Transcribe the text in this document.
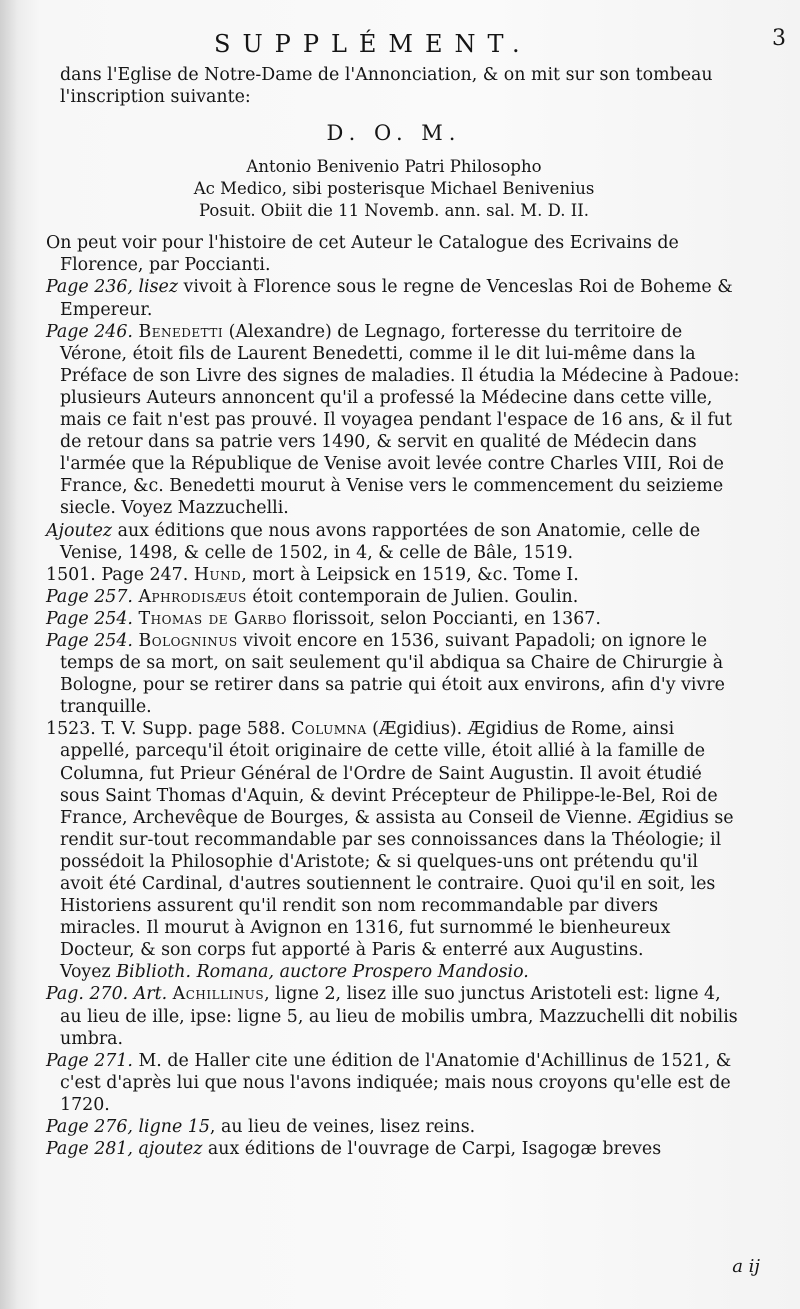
SUPPLÉMENT.	3

dans l'Eglise de Notre-Dame de l'Annonciation, & on mit sur son tombeau l'inscription suivante:

D. O. M.
Antonio Benivenio Patri Philosopho
Ac Medico, sibi posterisque Michael Benivenius
Posuit. Obiit die 11 Novemb. ann. sal. M. D. II.

On peut voir pour l'histoire de cet Auteur le Catalogue des Ecrivains de Florence, par Poccianti.

Page 236, lisez vivoit à Florence sous le regne de Venceslas Roi de Boheme & Empereur.

Page 246. Benedetti (Alexandre) de Legnago, forteresse du territoire de Vérone, étoit fils de Laurent Benedetti, comme il le dit lui-même dans la Préface de son Livre des signes de maladies. Il étudia la Médecine à Padoue: plusieurs Auteurs annoncent qu'il a professé la Médecine dans cette ville, mais ce fait n'est pas prouvé. Il voyagea pendant l'espace de 16 ans, & il fut de retour dans sa patrie vers 1490, & servit en qualité de Médecin dans l'armée que la République de Venise avoit levée contre Charles VIII, Roi de France, &c. Benedetti mourut à Venise vers le commencement du seizieme siecle. Voyez Mazzuchelli.

Ajoutez aux éditions que nous avons rapportées de son Anatomie, celle de Venise, 1498, & celle de 1502, in 4, & celle de Bâle, 1519.

1501. Page 247. Hund, mort à Leipsick en 1519, &c. Tome I.

Page 257. Aphrodisæus étoit contemporain de Julien. Goulin.

Page 254. Thomas de Garbo florissoit, selon Poccianti, en 1367.

Page 254. Bologninus vivoit encore en 1536, suivant Papadoli; on ignore le temps de sa mort, on sait seulement qu'il abdiqua sa Chaire de Chirurgie à Bologne, pour se retirer dans sa patrie qui étoit aux environs, afin d'y vivre tranquille.

1523. T. V. Supp. page 588. Columna (Ægidius). Ægidius de Rome, ainsi appellé, parcequ'il étoit originaire de cette ville, étoit allié à la famille de Columna, fut Prieur Général de l'Ordre de Saint Augustin. Il avoit étudié sous Saint Thomas d'Aquin, & devint Précepteur de Philippe-le-Bel, Roi de France, Archevêque de Bourges, & assista au Conseil de Vienne. Ægidius se rendit sur-tout recommandable par ses connoissances dans la Théologie; il possédoit la Philosophie d'Aristote; & si quelques-uns ont prétendu qu'il avoit été Cardinal, d'autres soutiennent le contraire. Quoi qu'il en soit, les Historiens assurent qu'il rendit son nom recommandable par divers miracles. Il mourut à Avignon en 1316, fut surnommé le bienheureux Docteur, & son corps fut apporté à Paris & enterré aux Augustins.

Voyez Biblioth. Romana, auctore Prospero Mandosio.

Pag. 270. Art. Achillinus, ligne 2, lisez ille suo junctus Aristoteli est: ligne 4, au lieu de ille, ipse: ligne 5, au lieu de mobilis umbra, Mazzuchelli dit nobilis umbra.

Page 271. M. de Haller cite une édition de l'Anatomie d'Achillinus de 1521, & c'est d'après lui que nous l'avons indiquée; mais nous croyons qu'elle est de 1720.

Page 276, ligne 15, au lieu de veines, lisez reins.

Page 281, ajoutez aux éditions de l'ouvrage de Carpi, Isagogæ breves

a ij
